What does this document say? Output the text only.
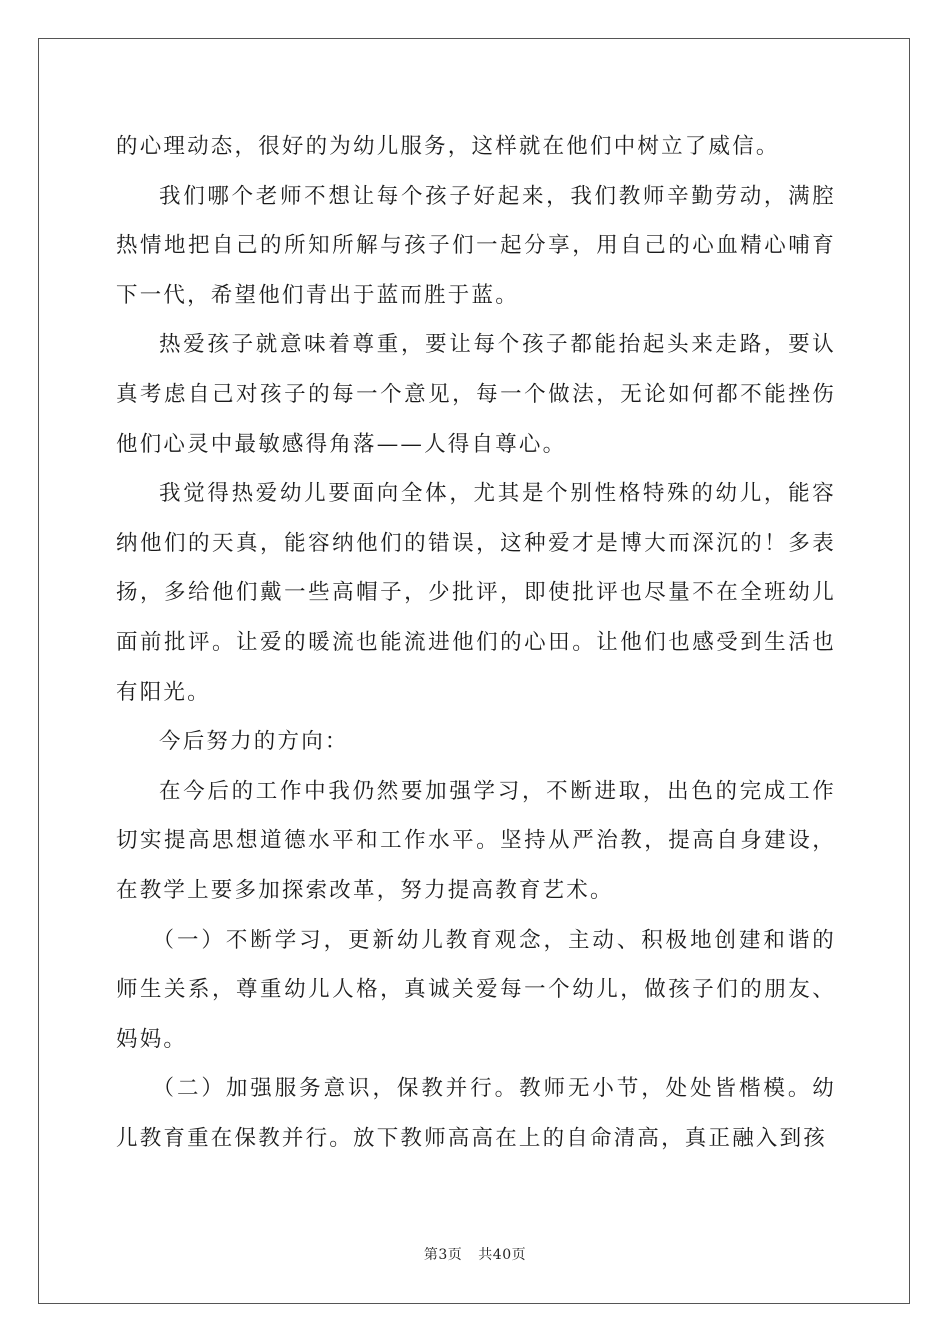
的心理动态，很好的为幼儿服务，这样就在他们中树立了威信。

我们哪个老师不想让每个孩子好起来，我们教师辛勤劳动，满腔热情地把自己的所知所解与孩子们一起分享，用自己的心血精心哺育下一代，希望他们青出于蓝而胜于蓝。

热爱孩子就意味着尊重，要让每个孩子都能抬起头来走路，要认真考虑自己对孩子的每一个意见，每一个做法，无论如何都不能挫伤他们心灵中最敏感得角落——人得自尊心。

我觉得热爱幼儿要面向全体，尤其是个别性格特殊的幼儿，能容纳他们的天真，能容纳他们的错误，这种爱才是博大而深沉的！多表扬，多给他们戴一些高帽子，少批评，即使批评也尽量不在全班幼儿面前批评。让爱的暖流也能流进他们的心田。让他们也感受到生活也有阳光。

今后努力的方向：

在今后的工作中我仍然要加强学习，不断进取，出色的完成工作切实提高思想道德水平和工作水平。坚持从严治教，提高自身建设，在教学上要多加探索改革，努力提高教育艺术。

（一）不断学习，更新幼儿教育观念，主动、积极地创建和谐的师生关系，尊重幼儿人格，真诚关爱每一个幼儿，做孩子们的朋友、妈妈。

（二）加强服务意识，保教并行。教师无小节，处处皆楷模。幼儿教育重在保教并行。放下教师高高在上的自命清高，真正融入到孩

第3页 共40页
